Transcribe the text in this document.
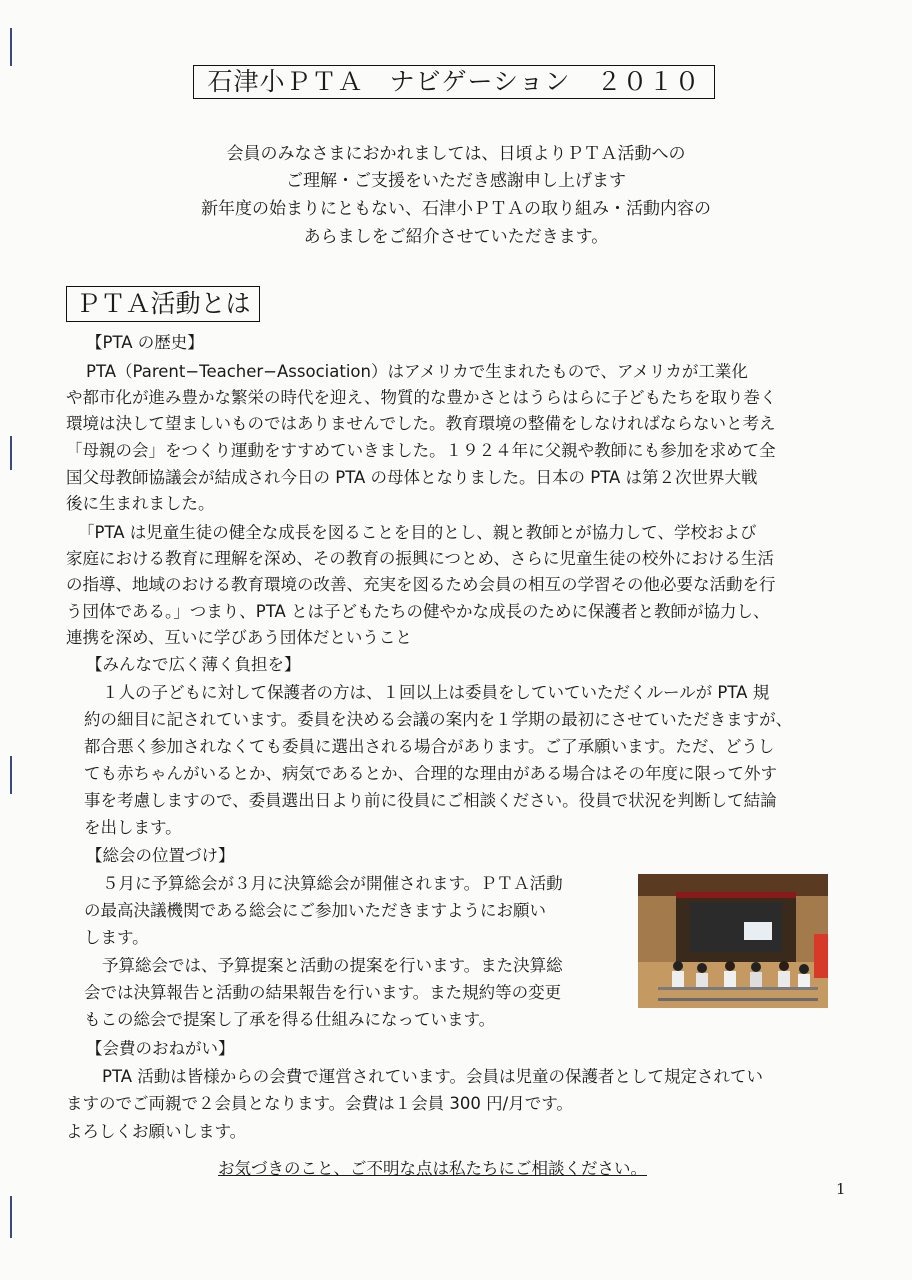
石津小ＰＴＡ　ナビゲーション　２０１０
会員のみなさまにおかれましては、日頃よりＰＴＡ活動への
ご理解・ご支援をいただき感謝申し上げます
新年度の始まりにともない、石津小ＰＴＡの取り組み・活動内容の
あらましをご紹介させていただきます。
ＰＴＡ活動とは
【PTA の歴史】
PTA（Parent−Teacher−Association）はアメリカで生まれたもので、アメリカが工業化
や都市化が進み豊かな繁栄の時代を迎え、物質的な豊かさとはうらはらに子どもたちを取り巻く
環境は決して望ましいものではありませんでした。教育環境の整備をしなければならないと考え
「母親の会」をつくり運動をすすめていきました。１９２４年に父親や教師にも参加を求めて全
国父母教師協議会が結成され今日の PTA の母体となりました。日本の PTA は第２次世界大戦
後に生まれました。
「PTA は児童生徒の健全な成長を図ることを目的とし、親と教師とが協力して、学校および
家庭における教育に理解を深め、その教育の振興につとめ、さらに児童生徒の校外における生活
の指導、地域のおける教育環境の改善、充実を図るため会員の相互の学習その他必要な活動を行
う団体である。」つまり、PTA とは子どもたちの健やかな成長のために保護者と教師が協力し、
連携を深め、互いに学びあう団体だということ
【みんなで広く薄く負担を】
１人の子どもに対して保護者の方は、１回以上は委員をしていていただくルールが PTA 規
約の細目に記されています。委員を決める会議の案内を１学期の最初にさせていただきますが、
都合悪く参加されなくても委員に選出される場合があります。ご了承願います。ただ、どうし
ても赤ちゃんがいるとか、病気であるとか、合理的な理由がある場合はその年度に限って外す
事を考慮しますので、委員選出日より前に役員にご相談ください。役員で状況を判断して結論
を出します。
【総会の位置づけ】
５月に予算総会が３月に決算総会が開催されます。ＰＴＡ活動
の最高決議機関である総会にご参加いただきますようにお願い
します。
予算総会では、予算提案と活動の提案を行います。また決算総
会では決算報告と活動の結果報告を行います。また規約等の変更
もこの総会で提案し了承を得る仕組みになっています。
【会費のおねがい】
PTA 活動は皆様からの会費で運営されています。会員は児童の保護者として規定されてい
ますのでご両親で２会員となります。会費は１会員 300 円/月です。
よろしくお願いします。
お気づきのこと、ご不明な点は私たちにご相談ください。
1
